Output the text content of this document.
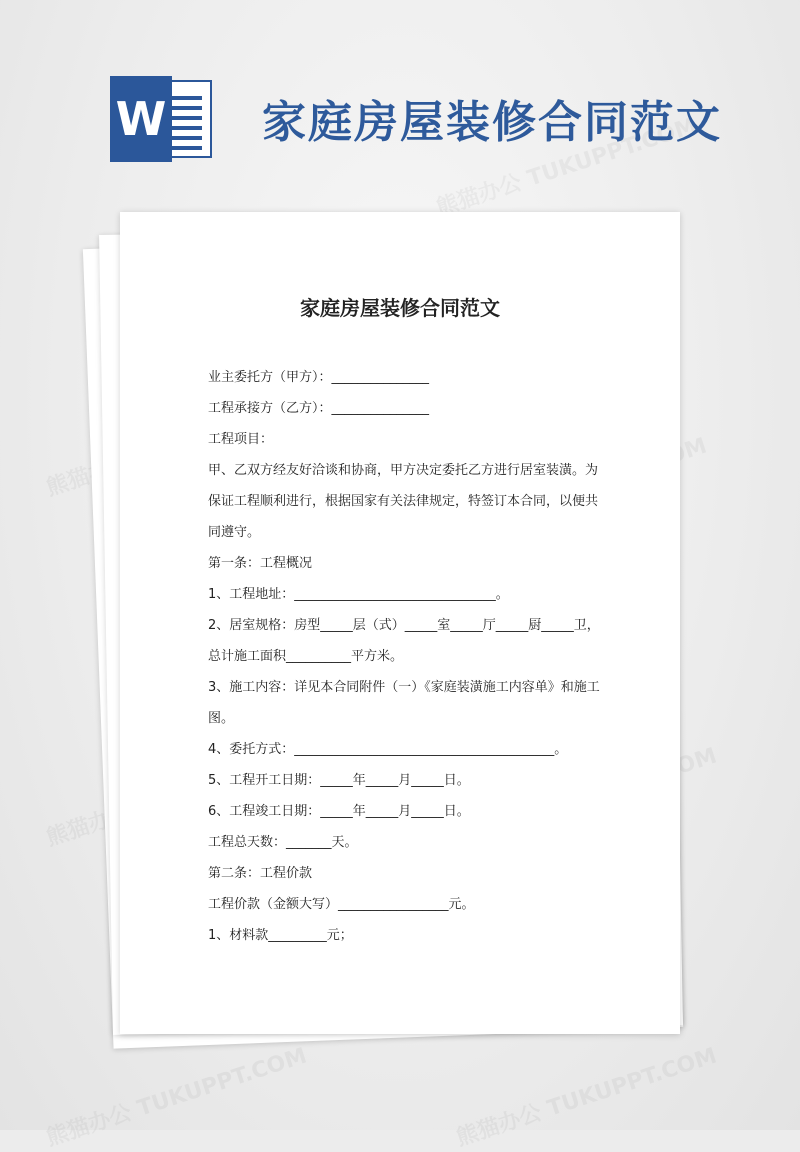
W 家庭房屋装修合同范文
家庭房屋装修合同范文
业主委托方（甲方）：_______________
工程承接方（乙方）：_______________
工程项目：
甲、乙双方经友好洽谈和协商，甲方决定委托乙方进行居室装潢。为
保证工程顺利进行，根据国家有关法律规定，特签订本合同，以便共
同遵守。
第一条：工程概况
1、工程地址：_______________________________。
2、居室规格：房型_____层（式）_____室_____厅_____厨_____卫，
总计施工面积__________平方米。
3、施工内容：详见本合同附件（一）《家庭装潢施工内容单》和施工
图。
4、委托方式：________________________________________。
5、工程开工日期：_____年_____月_____日。
6、工程竣工日期：_____年_____月_____日。
工程总天数：_______天。
第二条：工程价款
工程价款（金额大写）_________________元。
1、材料款_________元；
